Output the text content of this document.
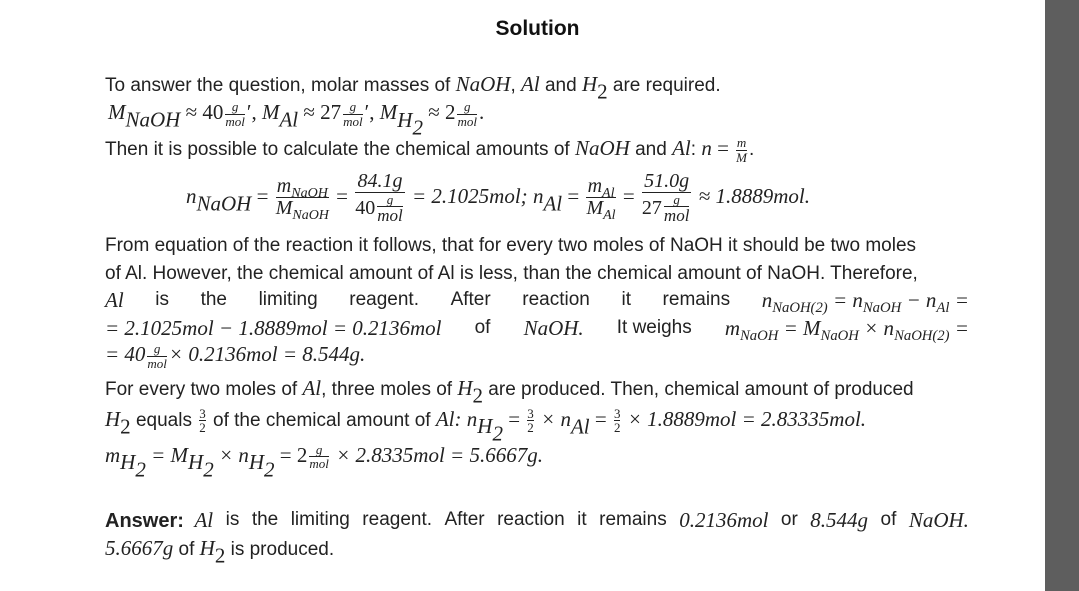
Solution
To answer the question, molar masses of NaOH, Al and $H_2$ are required.
$M_{NaOH} \approx 40 \frac{g}{\text{mol}}$ ′, $M_{Al} \approx 27 \frac{g}{\text{mol}}$ ′, $M_{H_2} \approx 2 \frac{g}{\text{mol}}$ .
Then it is possible to calculate the chemical amounts of NaOH and Al: $n = \frac{m}{M}$ .
$n_{NaOH} = \frac{m_{NaOH}}{M_{NaOH}} = \frac{84.1g}{40 \frac{g}{\text{mol}}} = 2.1025mol$; $n_{Al} = \frac{m_{Al}}{M_{Al}} = \frac{51.0g}{27 \frac{g}{\text{mol}}} \approx 1.8889mol$.
From equation of the reaction it follows, that for every two moles of NaOH it should be two moles
of Al. However, the chemical amount of Al is less, than the chemical amount of NaOH. Therefore,
Al is the limiting reagent. After reaction it remains $n_{NaOH(2)} = n_{NaOH} - n_{Al}$ =
= 2.1025mol − 1.8889mol = 0.2136mol of NaOH. It weighs $m_{NaOH} = M_{NaOH} \times n_{NaOH(2)}$ =
= $40 \frac{g}{\text{mol}} \times 0.2136mol = 8.544g$.
For every two moles of Al, three moles of $H_2$ are produced. Then, chemical amount of produced
$H_2$ equals $\frac{3}{2}$ of the chemical amount of Al: $n_{H_2} = \frac{3}{2} \times n_{Al} = \frac{3}{2} \times 1.8889mol = 2.83335mol$.
$m_{H_2} = M_{H_2} \times n_{H_2} = 2 \frac{g}{\text{mol}} \times 2.8335mol = 5.6667g$.
Answer: Al is the limiting reagent. After reaction it remains 0.2136mol or 8.544g of NaOH.
5.6667g of $H_2$ is produced.
